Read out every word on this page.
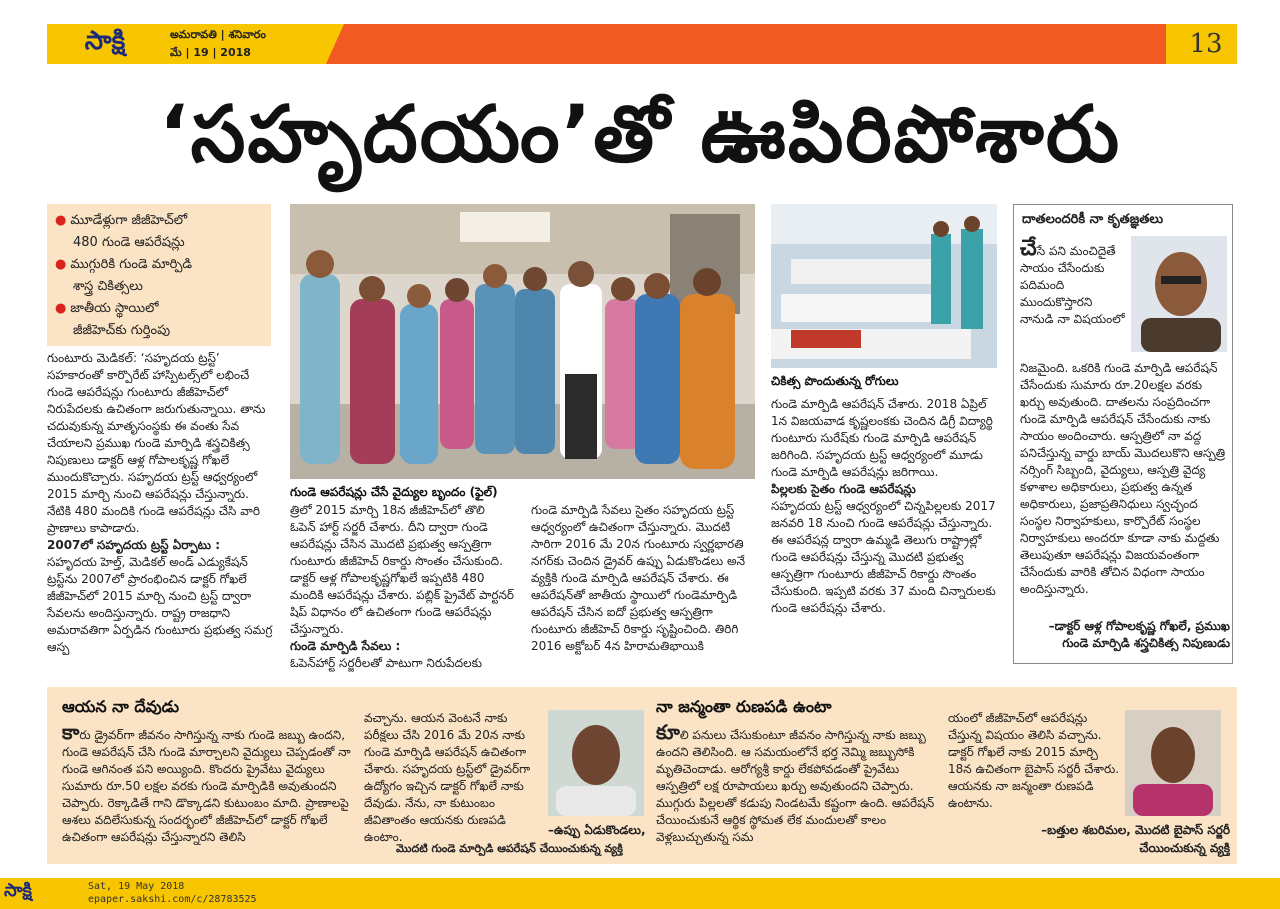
సాక్షి	అమరావతి | శనివారం
మే | 19 | 2018	13
‘సహృదయం’తో ఊపిరిపోశారు
● మూడేళ్లుగా జీజీహెచ్‌లో
480 గుండె ఆపరేషన్లు
● ముగ్గురికి గుండె మార్పిడి
శాస్త్ర చికిత్సలు
● జాతీయ స్థాయిలో
జీజీహెచ్‌కు గుర్తింపు
గుండె ఆపరేషన్లు చేసే వైద్యుల బృందం (ఫైల్)
చికిత్స పొందుతున్న రోగులు

గుంటూరు మెడికల్: ‘సహృదయ ట్రస్ట్’ సహకారంతో కార్పొరేట్ హాస్పిటల్స్‌లో లభించే గుండె ఆపరేషన్లు గుంటూరు జీజీహెచ్‌లో నిరుపేదలకు ఉచితంగా జరుగుతున్నాయి. తాను చదువుకున్న మాతృసంస్థకు ఈ వంతు సేవ చేయాలని ప్రముఖ గుండె మార్పిడి శస్త్రచికిత్స నిపుణులు డాక్టర్ ఆళ్ల గోపాలకృష్ణ గోఖలే ముందుకొచ్చారు. సహృదయ ట్రస్ట్ ఆధ్వర్యంలో 2015 మార్చి నుంచి ఆపరేషన్లు చేస్తున్నారు. నేటికి 480 మందికి గుండె ఆపరేషన్లు చేసి వారి ప్రాణాలు కాపాడారు.

2007లో సహృదయ ట్రస్ట్ ఏర్పాటు :

సహృదయ హెల్త్, మెడికల్ అండ్ ఎడ్యుకేషన్ ట్రస్ట్‌ను 2007లో ప్రారంభించిన డాక్టర్ గోఖలే జీజీహెచ్‌లో 2015 మార్చి నుంచి ట్రస్ట్ ద్వారా సేవలను అందిస్తున్నారు. రాష్ట్ర రాజధాని అమరావతిగా ఏర్పడిన గుంటూరు ప్రభుత్వ సమగ్ర ఆస్ప

త్రిలో 2015 మార్చి 18న జీజీహెచ్‌లో తొలి ఓపెన్ హార్ట్ సర్జరీ చేశారు. దీని ద్వారా గుండె ఆపరేషన్లు చేసిన మొదటి ప్రభుత్వ ఆస్పత్రిగా గుంటూరు జీజీహెచ్ రికార్డు సొంతం చేసుకుంది. డాక్టర్ ఆళ్ల గోపాలకృష్ణగోఖలే ఇప్పటికి 480 మందికి ఆపరేషన్లు చేశారు. పబ్లిక్ ప్రైవేట్ పార్టనర్ షిప్ విధానం లో ఉచితంగా గుండె ఆపరేషన్లు చేస్తున్నారు.

గుండె మార్పిడి సేవలు :

ఓపెన్‌హార్ట్ సర్జరీలతో పాటుగా నిరుపేదలకు

గుండె మార్పిడి సేవలు సైతం సహృదయ ట్రస్ట్ ఆధ్వర్యంలో ఉచితంగా చేస్తున్నారు. మొదటి సారిగా 2016 మే 20న గుంటూరు స్వర్ణభారతి నగర్‌కు చెందిన డ్రైవర్ ఉప్పు ఏడుకొండలు అనే వ్యక్తికి గుండె మార్పిడి ఆపరేషన్ చేశారు. ఈ ఆపరేషన్‌తో జాతీయ స్థాయిలో గుండెమార్పిడి ఆపరేషన్ చేసిన ఐదో ప్రభుత్వ ఆస్పత్రిగా గుంటూరు జీజీహెచ్ రికార్డు సృష్టించింది. తిరిగి 2016 అక్టోబర్ 4న హిరామతిభాయికి

గుండె మార్పిడి ఆపరేషన్ చేశారు. 2018 ఏప్రిల్ 1న విజయవాడ కృష్ణలంకకు చెందిన డిగ్రీ విద్యార్థి గుంటూరు సురేష్‌కు గుండె మార్పిడి ఆపరేషన్ జరిగింది. సహృదయ ట్రస్ట్ ఆధ్వర్యంలో మూడు గుండె మార్పిడి ఆపరేషన్లు జరిగాయి.

పిల్లలకు సైతం గుండె ఆపరేషన్లు

సహృదయ ట్రస్ట్ ఆధ్వర్యంలో చిన్నపిల్లలకు 2017 జనవరి 18 నుంచి గుండె ఆపరేషన్లు చేస్తున్నారు. ఈ ఆపరేషన్ల ద్వారా ఉమ్మడి తెలుగు రాష్ట్రాల్లో గుండె ఆపరేషన్లు చేస్తున్న మొదటి ప్రభుత్వ ఆస్పత్రిగా గుంటూరు జీజీహెచ్ రికార్డు సొంతం చేసుకుంది. ఇప్పటి వరకు 37 మంది చిన్నారులకు గుండె ఆపరేషన్లు చేశారు.

దాతలందరికీ నా కృతజ్ఞతలు
చేసే పని మంచిదైతే సాయం చేసేందుకు పదిమంది ముందుకొస్తారని నానుడి నా విషయంలో

నిజమైంది. ఒకరికి గుండె మార్పిడి ఆపరేషన్ చేసేందుకు సుమారు రూ.20లక్షల వరకు ఖర్చు అవుతుంది. దాతలను సంప్రదించగా గుండె మార్పిడి ఆపరేషన్ చేసేందుకు నాకు సాయం అందించారు. ఆస్పత్రిలో నా వద్ద పనిచేస్తున్న వార్డు బాయ్ మొదలుకొని ఆస్పత్రి నర్సింగ్ సిబ్బంది, వైద్యులు, ఆస్పత్రి వైద్య కళాశాల అధికారులు, ప్రభుత్వ ఉన్నత అధికారులు, ప్రజాప్రతినిధులు స్వచ్ఛంద సంస్థల నిర్వాహకులు, కార్పొరేట్ సంస్థల నిర్వాహకులు అందరూ కూడా నాకు మద్దతు తెలుపుతూ ఆపరేషన్లు విజయవంతంగా చేసేందుకు వారికి తోచిన విధంగా సాయం అందిస్తున్నారు.

–డాక్టర్ ఆళ్ల గోపాలకృష్ణ గోఖలే, ప్రముఖ గుండె మార్పిడి శస్త్రచికిత్స నిపుణుడు
ఆయన నా దేవుడు
కారు డ్రైవర్‌గా జీవనం సాగిస్తున్న నాకు గుండె జబ్బు ఉందని, గుండె ఆపరేషన్ చేసి గుండె మార్చాలని వైద్యులు చెప్పడంతో నా గుండె ఆగినంత పని అయ్యింది. కొందరు ప్రైవేటు వైద్యులు సుమారు రూ.50 లక్షల వరకు గుండె మార్పిడికి అవుతుందని చెప్పారు. రెక్కాడితే గాని డొక్కాడని కుటుంబం మాది. ప్రాణాలపై ఆశలు వదిలేసుకున్న సందర్భంలో జీజీహెచ్‌లో డాక్టర్ గోఖలే ఉచితంగా ఆపరేషన్లు చేస్తున్నారని తెలిసి

వచ్చాను. ఆయన వెంటనే నాకు పరీక్షలు చేసి 2016 మే 20న నాకు గుండె మార్పిడి ఆపరేషన్ ఉచితంగా చేశారు. సహృదయ ట్రస్ట్‌లో డ్రైవర్‌గా ఉద్యోగం ఇచ్చిన డాక్టర్ గోఖలే నాకు దేవుడు. నేను, నా కుటుంబం జీవితాంతం ఆయనకు రుణపడి ఉంటాం.	–ఉప్పు ఏడుకొండలు,
మొదటి గుండె మార్పిడి ఆపరేషన్ చేయించుకున్న వ్యక్తి
నా జన్మంతా రుణపడి ఉంటా
కూలి పనులు చేసుకుంటూ జీవనం సాగిస్తున్న నాకు జబ్బు ఉందని తెలిసింది. ఆ సమయంలోనే భర్త నెమ్మి జబ్బుసోకి మృతిచెందాడు. ఆరోగ్యశ్రీ కార్డు లేకపోవడంతో ప్రైవేటు ఆస్పత్రిలో లక్ష రూపాయలు ఖర్చు అవుతుందని చెప్పారు. ముగ్గురు పిల్లలతో కడుపు నిండటమే కష్టంగా ఉంది. ఆపరేషన్ చేయించుకునే ఆర్థిక స్థోమత లేక మందులతో కాలం వెళ్లబుచ్చుతున్న సమ

యంలో జీజీహెచ్‌లో ఆపరేషన్లు చేస్తున్న విషయం తెలిసి వచ్చాను. డాక్టర్ గోఖలే నాకు 2015 మార్చి 18న ఉచితంగా బైపాస్ సర్జరీ చేశారు. ఆయనకు నా జన్మంతా రుణపడి ఉంటాను.

–బత్తుల శబరిమల, మొదటి బైపాస్ సర్జరీ
చేయించుకున్న వ్యక్తి
సాక్షి	Sat, 19 May 2018
epaper.sakshi.com/c/28783525
